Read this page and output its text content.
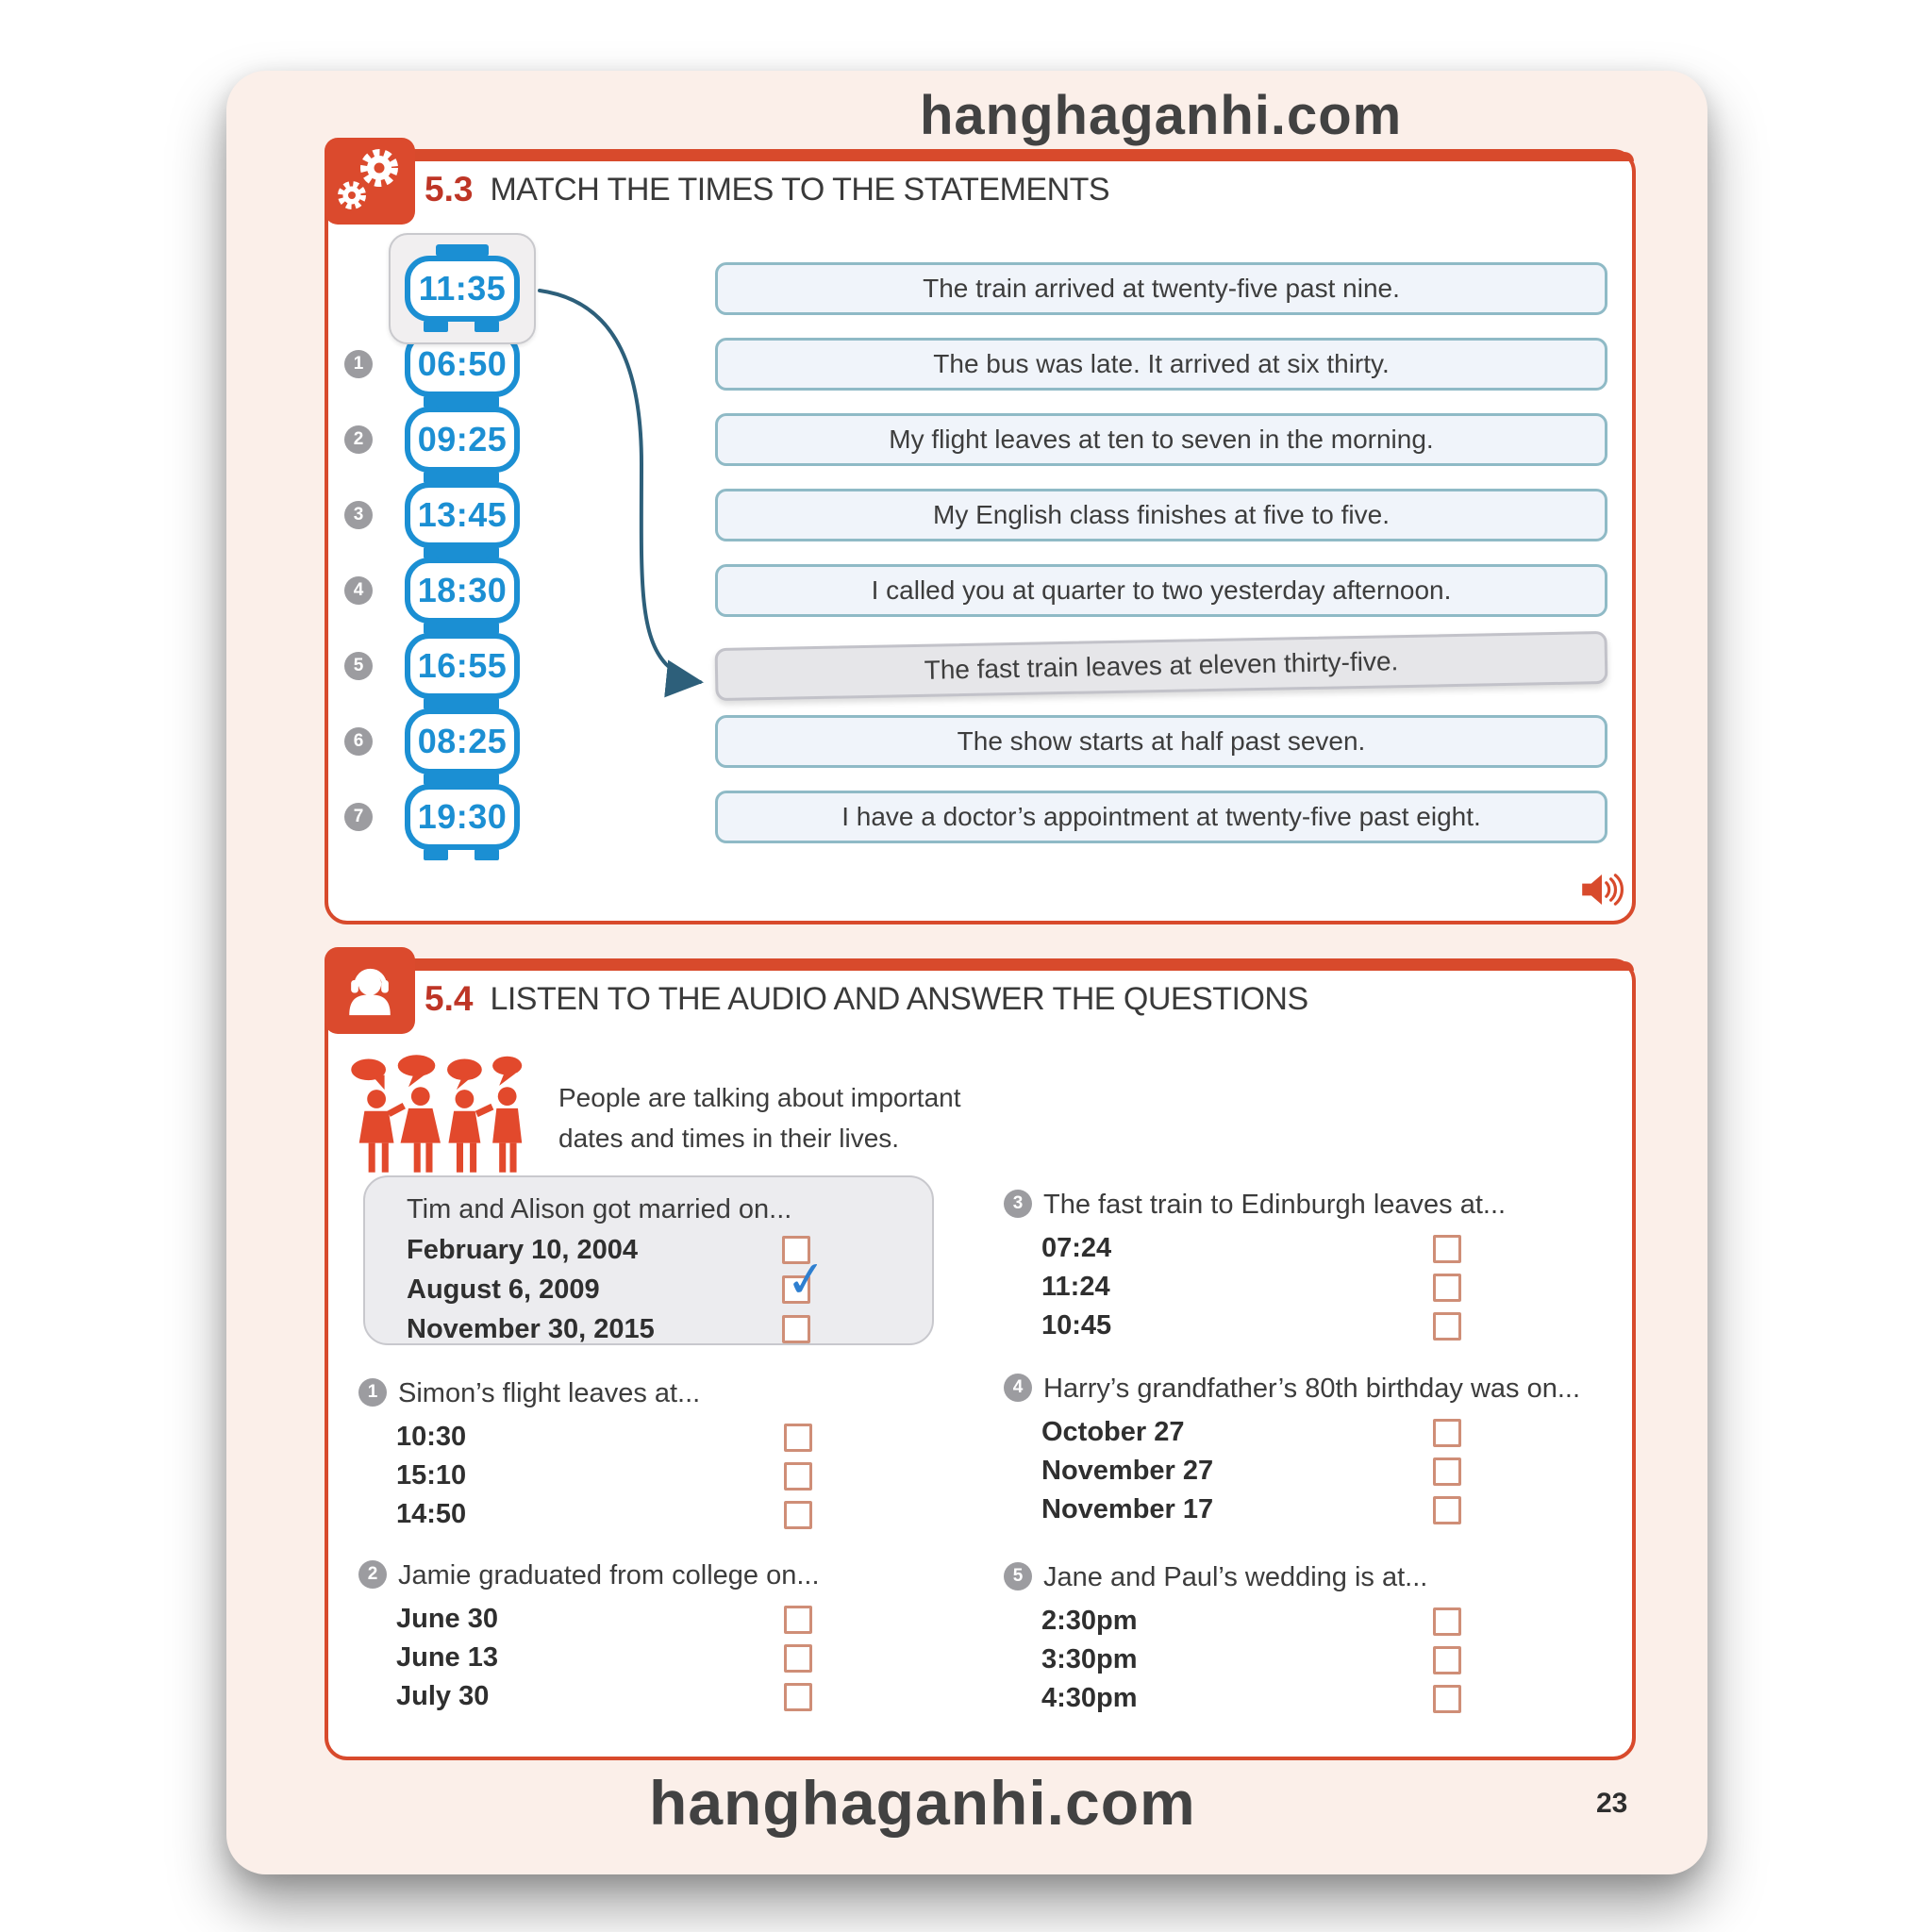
hanghaganhi.com
5.3 MATCH THE TIMES TO THE STATEMENTS
11:35	The train arrived at twenty-five past nine.
1 06:50	The bus was late. It arrived at six thirty.
2 09:25	My flight leaves at ten to seven in the morning.
3 13:45	My English class finishes at five to five.
4 18:30	I called you at quarter to two yesterday afternoon.
5 16:55	The fast train leaves at eleven thirty-five.
6 08:25	The show starts at half past seven.
7 19:30	I have a doctor’s appointment at twenty-five past eight.
5.4 LISTEN TO THE AUDIO AND ANSWER THE QUESTIONS
People are talking about important dates and times in their lives.
Tim and Alison got married on...
February 10, 2004
August 6, 2009	✓
November 30, 2015
1 Simon’s flight leaves at...
10:30
15:10
14:50
2 Jamie graduated from college on...
June 30
June 13
July 30
3 The fast train to Edinburgh leaves at...
07:24
11:24
10:45
4 Harry’s grandfather’s 80th birthday was on...
October 27
November 27
November 17
5 Jane and Paul’s wedding is at...
2:30pm
3:30pm
4:30pm
hanghaganhi.com	23
